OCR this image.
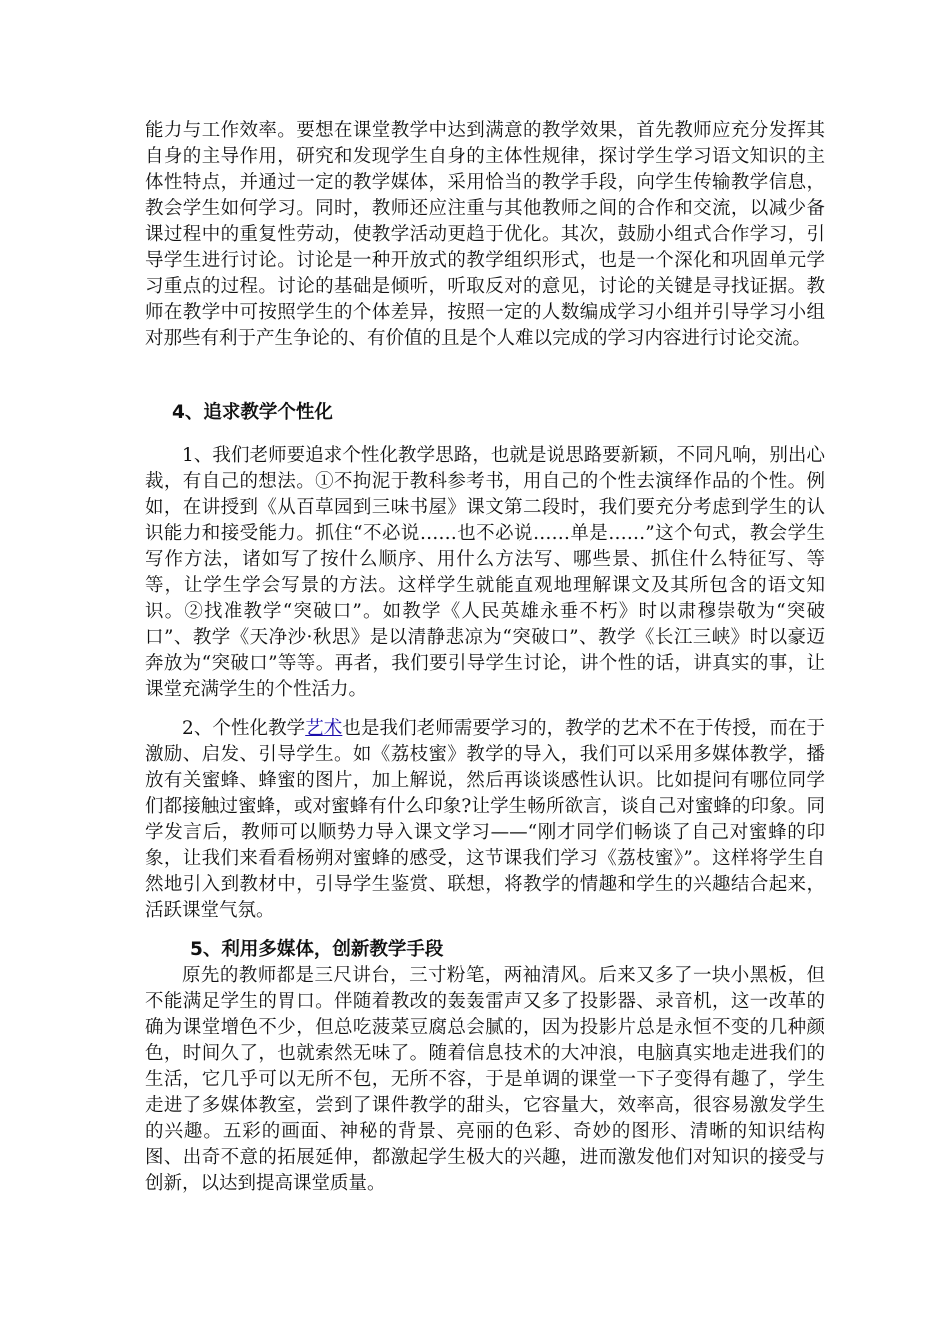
能力与工作效率。要想在课堂教学中达到满意的教学效果，首先教师应充分发挥其自身的主导作用，研究和发现学生自身的主体性规律，探讨学生学习语文知识的主体性特点，并通过一定的教学媒体，采用恰当的教学手段，向学生传输教学信息，教会学生如何学习。同时，教师还应注重与其他教师之间的合作和交流，以减少备课过程中的重复性劳动，使教学活动更趋于优化。其次，鼓励小组式合作学习，引导学生进行讨论。讨论是一种开放式的教学组织形式，也是一个深化和巩固单元学习重点的过程。讨论的基础是倾听，听取反对的意见，讨论的关键是寻找证据。教师在教学中可按照学生的个体差异，按照一定的人数编成学习小组并引导学习小组对那些有利于产生争论的、有价值的且是个人难以完成的学习内容进行讨论交流。

4、追求教学个性化

1、我们老师要追求个性化教学思路，也就是说思路要新颖，不同凡响，别出心裁，有自己的想法。①不拘泥于教科参考书，用自己的个性去演绎作品的个性。例如，在讲授到《从百草园到三味书屋》课文第二段时，我们要充分考虑到学生的认识能力和接受能力。抓住“不必说……也不必说……单是……”这个句式，教会学生写作方法，诸如写了按什么顺序、用什么方法写、哪些景、抓住什么特征写、等等，让学生学会写景的方法。这样学生就能直观地理解课文及其所包含的语文知识。②找准教学“突破口”。如教学《人民英雄永垂不朽》时以肃穆崇敬为“突破口”、教学《天净沙·秋思》是以清静悲凉为“突破口”、教学《长江三峡》时以豪迈奔放为“突破口”等等。再者，我们要引导学生讨论，讲个性的话，讲真实的事，让课堂充满学生的个性活力。

2、个性化教学艺术也是我们老师需要学习的，教学的艺术不在于传授，而在于激励、启发、引导学生。如《荔枝蜜》教学的导入，我们可以采用多媒体教学，播放有关蜜蜂、蜂蜜的图片，加上解说，然后再谈谈感性认识。比如提问有哪位同学们都接触过蜜蜂，或对蜜蜂有什么印象?让学生畅所欲言，谈自己对蜜蜂的印象。同学发言后，教师可以顺势力导入课文学习——“刚才同学们畅谈了自己对蜜蜂的印象，让我们来看看杨朔对蜜蜂的感受，这节课我们学习《荔枝蜜》”。这样将学生自然地引入到教材中，引导学生鉴赏、联想，将教学的情趣和学生的兴趣结合起来，活跃课堂气氛。

5、利用多媒体，创新教学手段

原先的教师都是三尺讲台，三寸粉笔，两袖清风。后来又多了一块小黑板，但不能满足学生的胃口。伴随着教改的轰轰雷声又多了投影器、录音机，这一改革的确为课堂增色不少，但总吃菠菜豆腐总会腻的，因为投影片总是永恒不变的几种颜色，时间久了，也就索然无味了。随着信息技术的大冲浪，电脑真实地走进我们的生活，它几乎可以无所不包，无所不容，于是单调的课堂一下子变得有趣了，学生走进了多媒体教室，尝到了课件教学的甜头，它容量大，效率高，很容易激发学生的兴趣。五彩的画面、神秘的背景、亮丽的色彩、奇妙的图形、清晰的知识结构图、出奇不意的拓展延伸，都激起学生极大的兴趣，进而激发他们对知识的接受与创新，以达到提高课堂质量。
